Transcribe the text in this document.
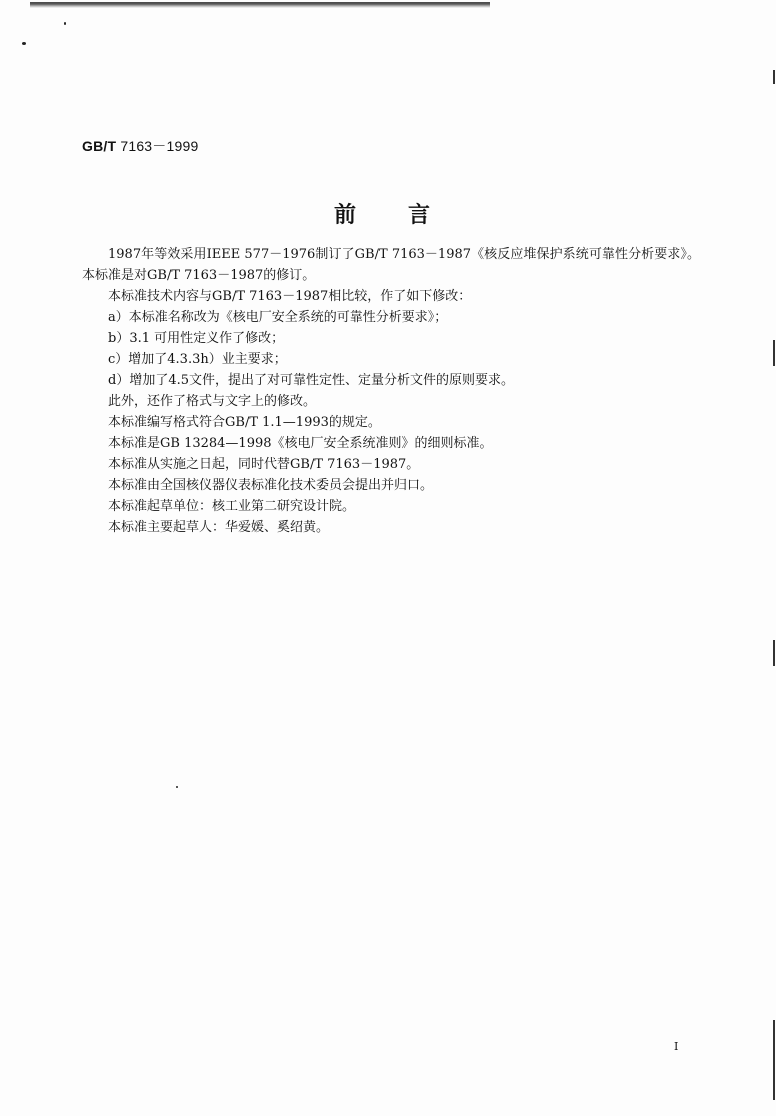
GB/T 7163－1999
前言

1987年等效采用IEEE 577－1976制订了GB/T 7163－1987《核反应堆保护系统可靠性分析要求》。本标准是对GB/T 7163－1987的修订。

本标准技术内容与GB/T 7163－1987相比较，作了如下修改：

a）本标准名称改为《核电厂安全系统的可靠性分析要求》；

b）3.1 可用性定义作了修改；

c）增加了4.3.3h）业主要求；

d）增加了4.5文件，提出了对可靠性定性、定量分析文件的原则要求。

此外，还作了格式与文字上的修改。

本标准编写格式符合GB/T 1.1—1993的规定。

本标准是GB 13284—1998《核电厂安全系统准则》的细则标准。

本标准从实施之日起，同时代替GB/T 7163－1987。

本标准由全国核仪器仪表标准化技术委员会提出并归口。

本标准起草单位：核工业第二研究设计院。

本标准主要起草人：华爱媛、奚绍黄。

I
